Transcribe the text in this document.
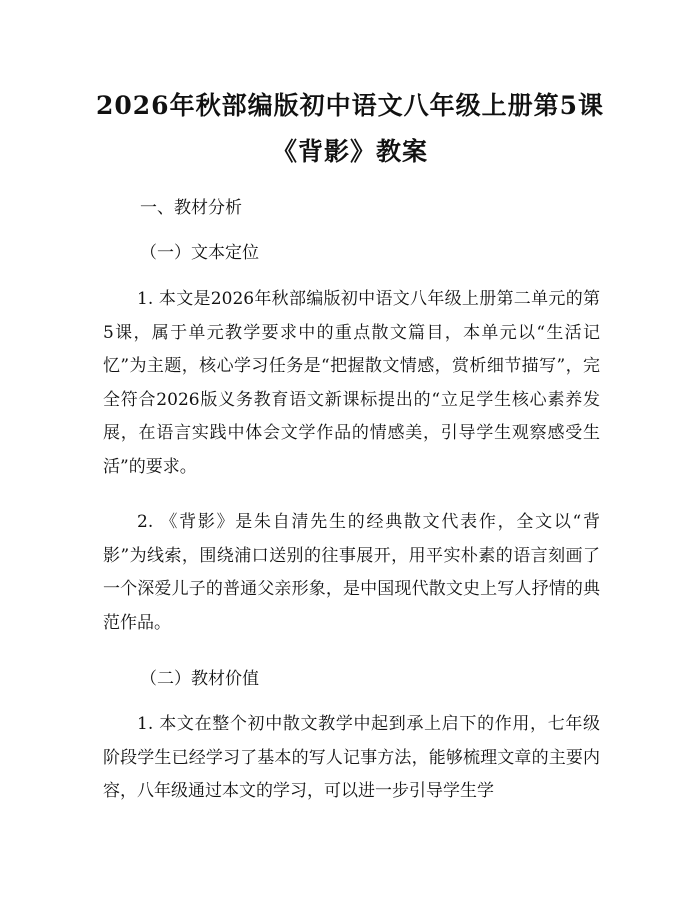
2026年秋部编版初中语文八年级上册第5课
《背影》教案
一、教材分析
（一）文本定位

1. 本文是2026年秋部编版初中语文八年级上册第二单元的第5课，属于单元教学要求中的重点散文篇目，本单元以“生活记忆”为主题，核心学习任务是“把握散文情感，赏析细节描写”，完全符合2026版义务教育语文新课标提出的“立足学生核心素养发展，在语言实践中体会文学作品的情感美，引导学生观察感受生活”的要求。

2. 《背影》是朱自清先生的经典散文代表作，全文以“背影”为线索，围绕浦口送别的往事展开，用平实朴素的语言刻画了一个深爱儿子的普通父亲形象，是中国现代散文史上写人抒情的典范作品。

（二）教材价值

1. 本文在整个初中散文教学中起到承上启下的作用，七年级阶段学生已经学习了基本的写人记事方法，能够梳理文章的主要内容，八年级通过本文的学习，可以进一步引导学生学
